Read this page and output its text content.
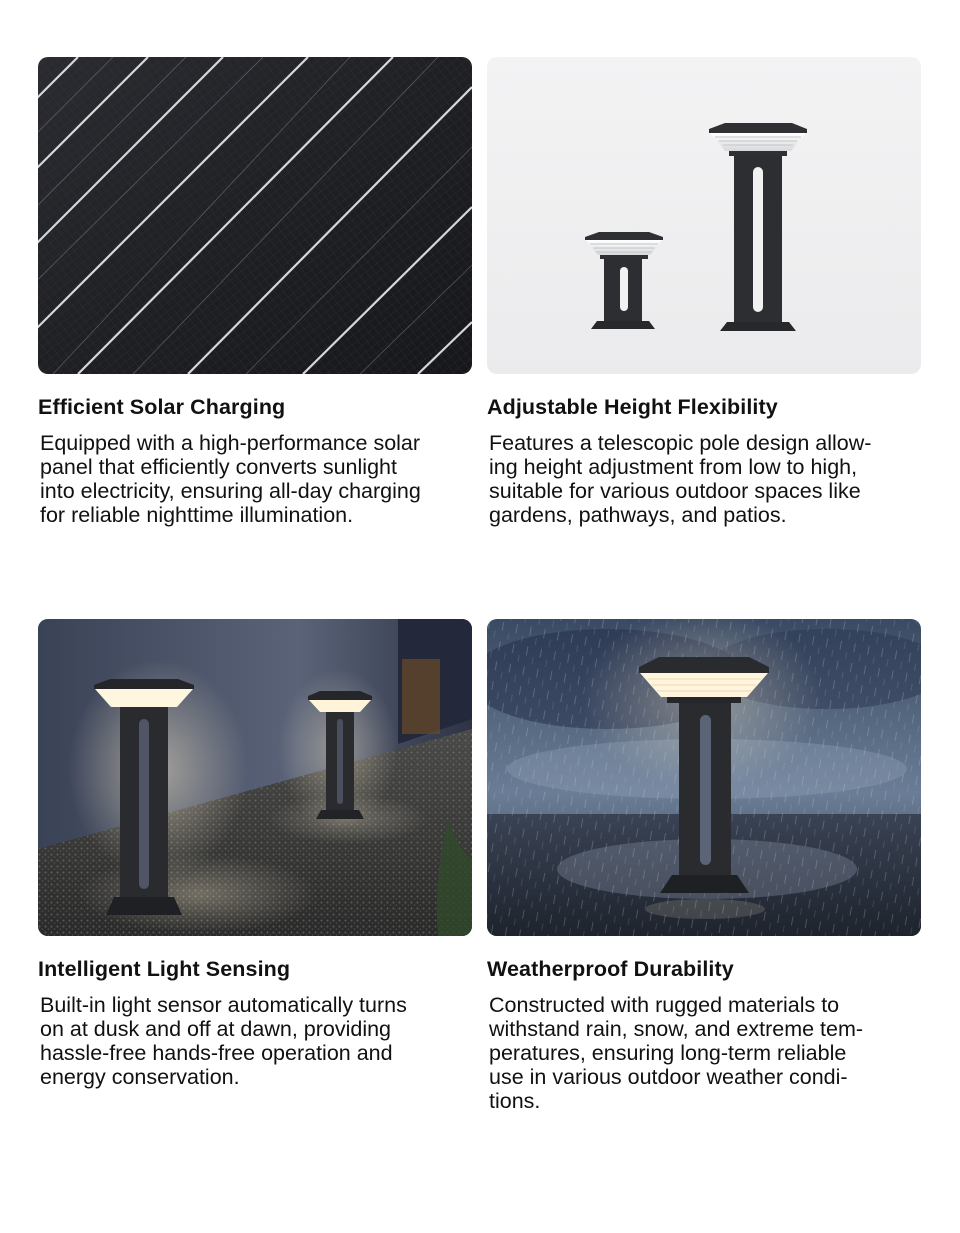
Efficient Solar Charging

Equipped with a high-performance solar
panel that efficiently converts sunlight
into electricity, ensuring all-day charging
for reliable nighttime illumination.

Adjustable Height Flexibility

Features a telescopic pole design allow-
ing height adjustment from low to high,
suitable for various outdoor spaces like
gardens, pathways, and patios.

Intelligent Light Sensing

Built-in light sensor automatically turns
on at dusk and off at dawn, providing
hassle-free hands-free operation and
energy conservation.

Weatherproof Durability

Constructed with rugged materials to
withstand rain, snow, and extreme tem-
peratures, ensuring long-term reliable
use in various outdoor weather condi-
tions.
